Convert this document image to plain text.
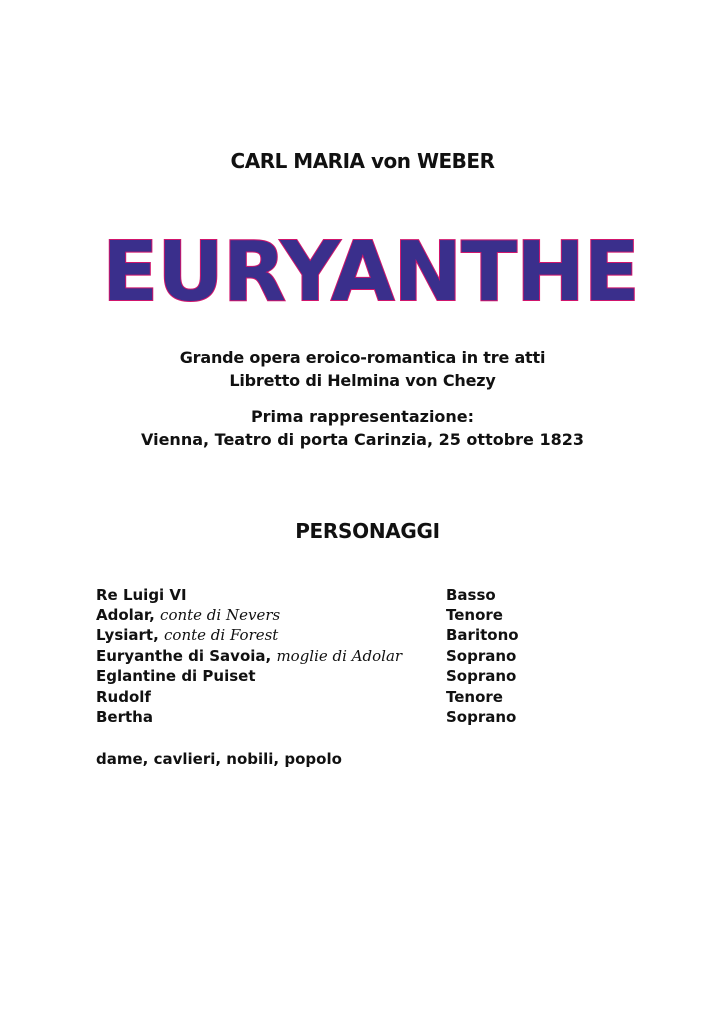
CARL MARIA von WEBER
EURYANTHE
Grande opera eroico-romantica in tre atti
Libretto di Helmina von Chezy
Prima rappresentazione:
Vienna, Teatro di porta Carinzia, 25 ottobre 1823
PERSONAGGI
Re Luigi VI	Basso
Adolar, conte di Nevers	Tenore
Lysiart, conte di Forest	Baritono
Euryanthe di Savoia, moglie di Adolar	Soprano
Eglantine di Puiset	Soprano
Rudolf	Tenore
Bertha	Soprano
dame, cavlieri, nobili, popolo
